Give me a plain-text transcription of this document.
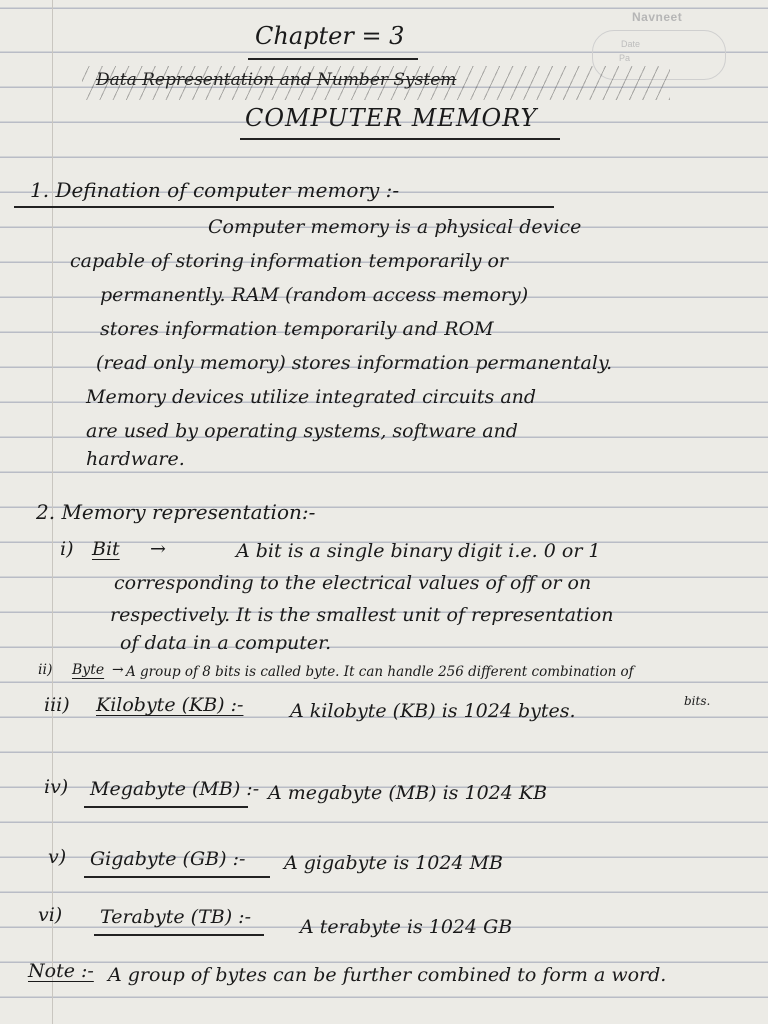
Navneet
Date
Pa
Chapter = 3
Data Representation and Number System
COMPUTER MEMORY
1. Defination of computer memory :-
Computer memory is a physical device
capable of storing information temporarily or
permanently. RAM (random access memory)
stores information temporarily and ROM
(read only memory) stores information permanentaly.
Memory devices utilize integrated circuits and
are used by operating systems, software and
hardware.
2. Memory representation:-
i) Bit →	A bit is a single binary digit i.e. 0 or 1
corresponding to the electrical values of off or on
respectively. It is the smallest unit of representation
of data in a computer.
ii) Byte → A group of 8 bits is called byte. It can handle 256 different combination of
bits.
iii) Kilobyte (KB) :- A kilobyte (KB) is 1024 bytes.
iv) Megabyte (MB) :- A megabyte (MB) is 1024 KB
v) Gigabyte (GB) :- A gigabyte is 1024 MB
vi) Terabyte (TB) :-	A terabyte is 1024 GB
Note :- A group of bytes can be further combined to form a word.
